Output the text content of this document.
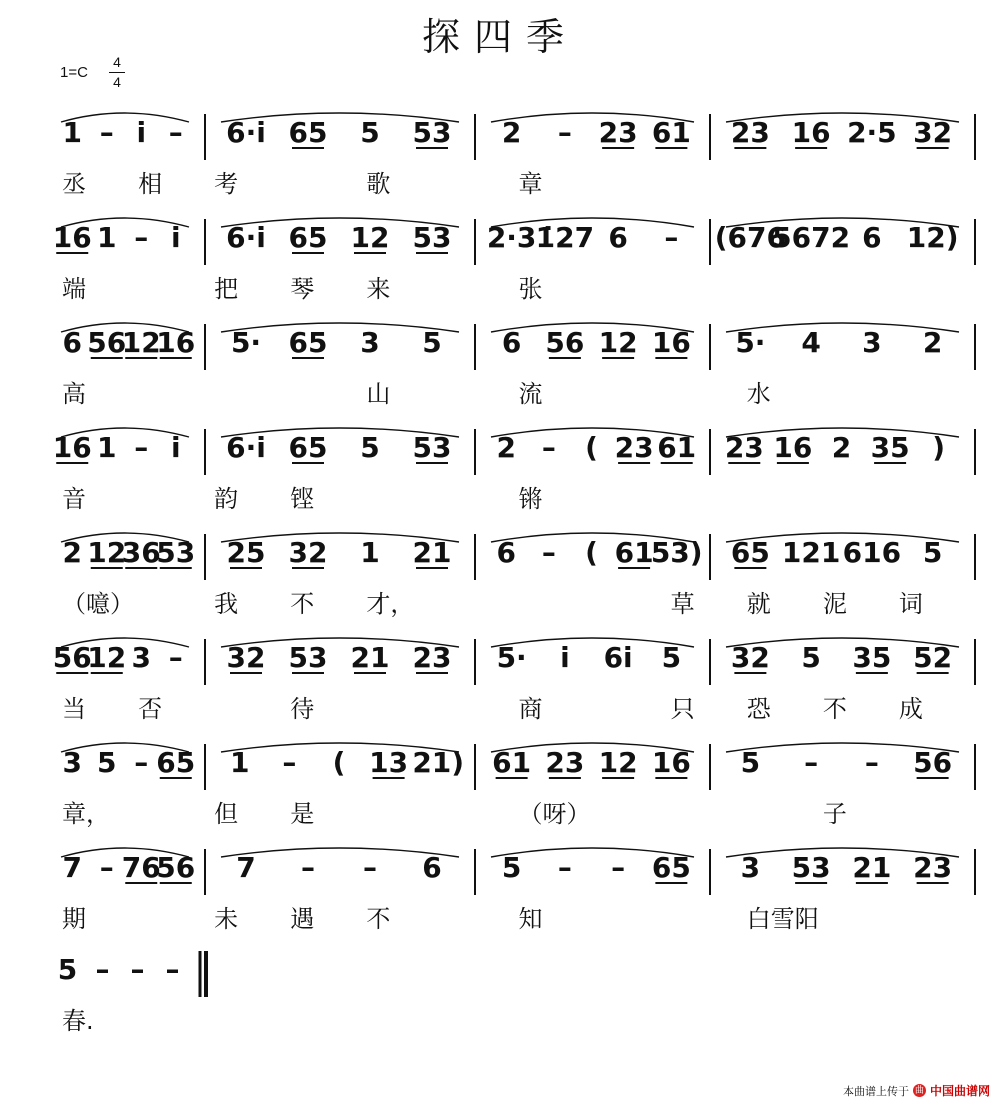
探四季
1=C
4
4
1 – i – 6·i 65 5 53 2 – 23 61 23 16 2·5 32
丞 相 考	歌	章
16 1 – i 6·i 65 12 53 2·3 1̇27 6 – (676
5672 6 12)
端	把 琴 来	张
6 56
12
16 5· 65 3 5 6 56 12 16 5· 4 3 2
高	山	流	水
16 1 – i 6·i 65 5 53 2 – ( 23 61 23 16 2 35 )
音	韵 铿	锵
2 12
36
53 25 32 1 21 6 – ( 61
53) 65 121 616 5
（噫）	我 不 才，	草 就 泥 词
56
12 3 – 32 53 21 23 5· i 6i 5 32 5 35 52
当 否	待	商	只 恐 不 成
3 5 – 65 1 – ( 13 21) 61 23 12 16 5 – – 56
章，	但 是	（呀）	子
7 – 76
56 7 – – 6 5 – – 65 3 53 21 23
期	未 遇 不	知	白雪阳
5 – – –
春.
本曲谱上传于 曲 中国曲谱网
